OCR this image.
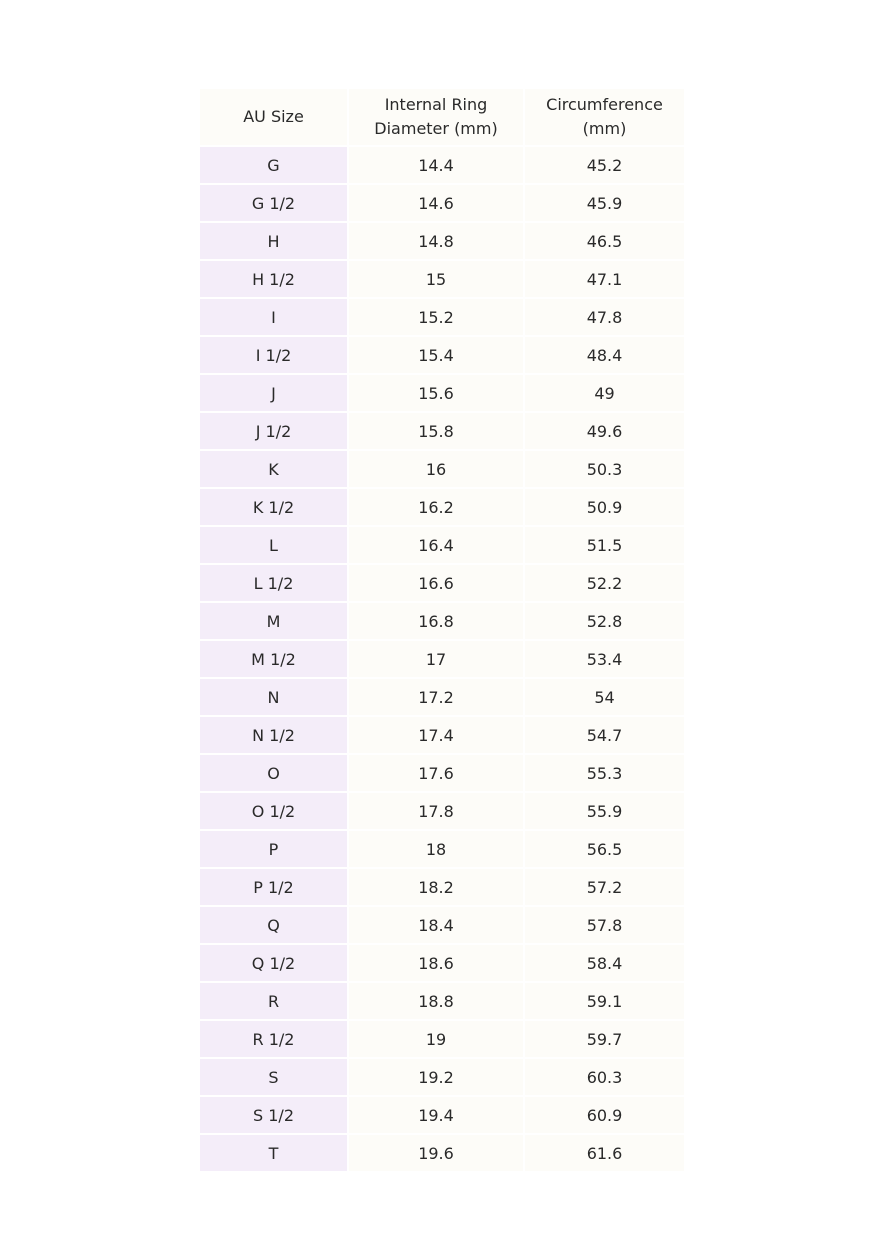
AU Size	Internal Ring Diameter (mm)	Circumference (mm)
G	14.4	45.2
G 1/2	14.6	45.9
H	14.8	46.5
H 1/2	15	47.1
I	15.2	47.8
I 1/2	15.4	48.4
J	15.6	49
J 1/2	15.8	49.6
K	16	50.3
K 1/2	16.2	50.9
L	16.4	51.5
L 1/2	16.6	52.2
M	16.8	52.8
M 1/2	17	53.4
N	17.2	54
N 1/2	17.4	54.7
O	17.6	55.3
O 1/2	17.8	55.9
P	18	56.5
P 1/2	18.2	57.2
Q	18.4	57.8
Q 1/2	18.6	58.4
R	18.8	59.1
R 1/2	19	59.7
S	19.2	60.3
S 1/2	19.4	60.9
T	19.6	61.6
